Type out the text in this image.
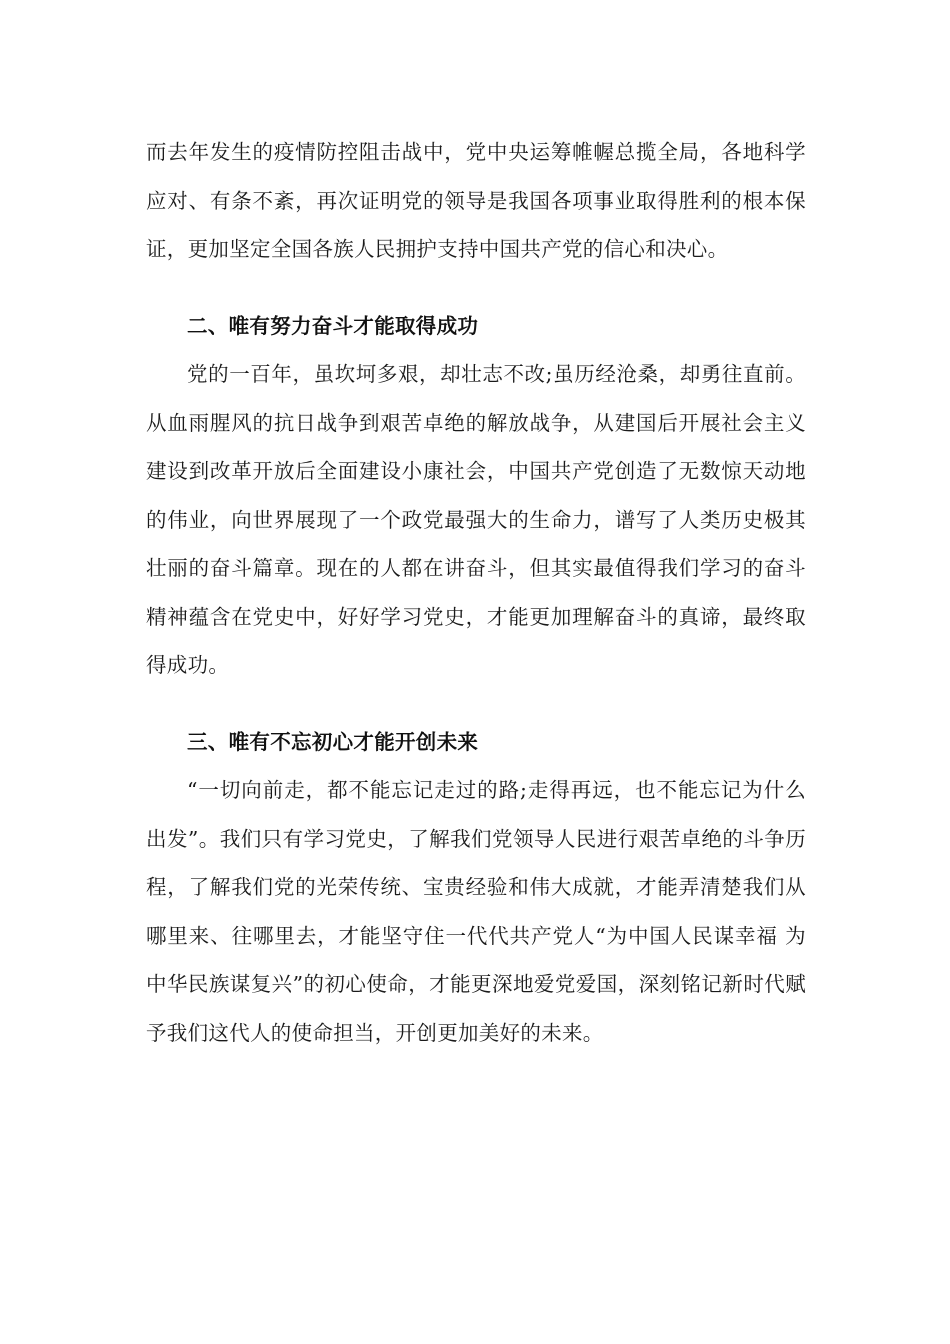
而去年发生的疫情防控阻击战中，党中央运筹帷幄总揽全局，各地科学应对、有条不紊，再次证明党的领导是我国各项事业取得胜利的根本保证，更加坚定全国各族人民拥护支持中国共产党的信心和决心。

二、唯有努力奋斗才能取得成功

党的一百年，虽坎坷多艰，却壮志不改;虽历经沧桑，却勇往直前。从血雨腥风的抗日战争到艰苦卓绝的解放战争，从建国后开展社会主义建设到改革开放后全面建设小康社会，中国共产党创造了无数惊天动地的伟业，向世界展现了一个政党最强大的生命力，谱写了人类历史极其壮丽的奋斗篇章。现在的人都在讲奋斗，但其实最值得我们学习的奋斗精神蕴含在党史中，好好学习党史，才能更加理解奋斗的真谛，最终取得成功。

三、唯有不忘初心才能开创未来

“一切向前走，都不能忘记走过的路;走得再远，也不能忘记为什么出发”。我们只有学习党史，了解我们党领导人民进行艰苦卓绝的斗争历程，了解我们党的光荣传统、宝贵经验和伟大成就，才能弄清楚我们从哪里来、往哪里去，才能坚守住一代代共产党人“为中国人民谋幸福 为中华民族谋复兴”的初心使命，才能更深地爱党爱国，深刻铭记新时代赋予我们这代人的使命担当，开创更加美好的未来。
